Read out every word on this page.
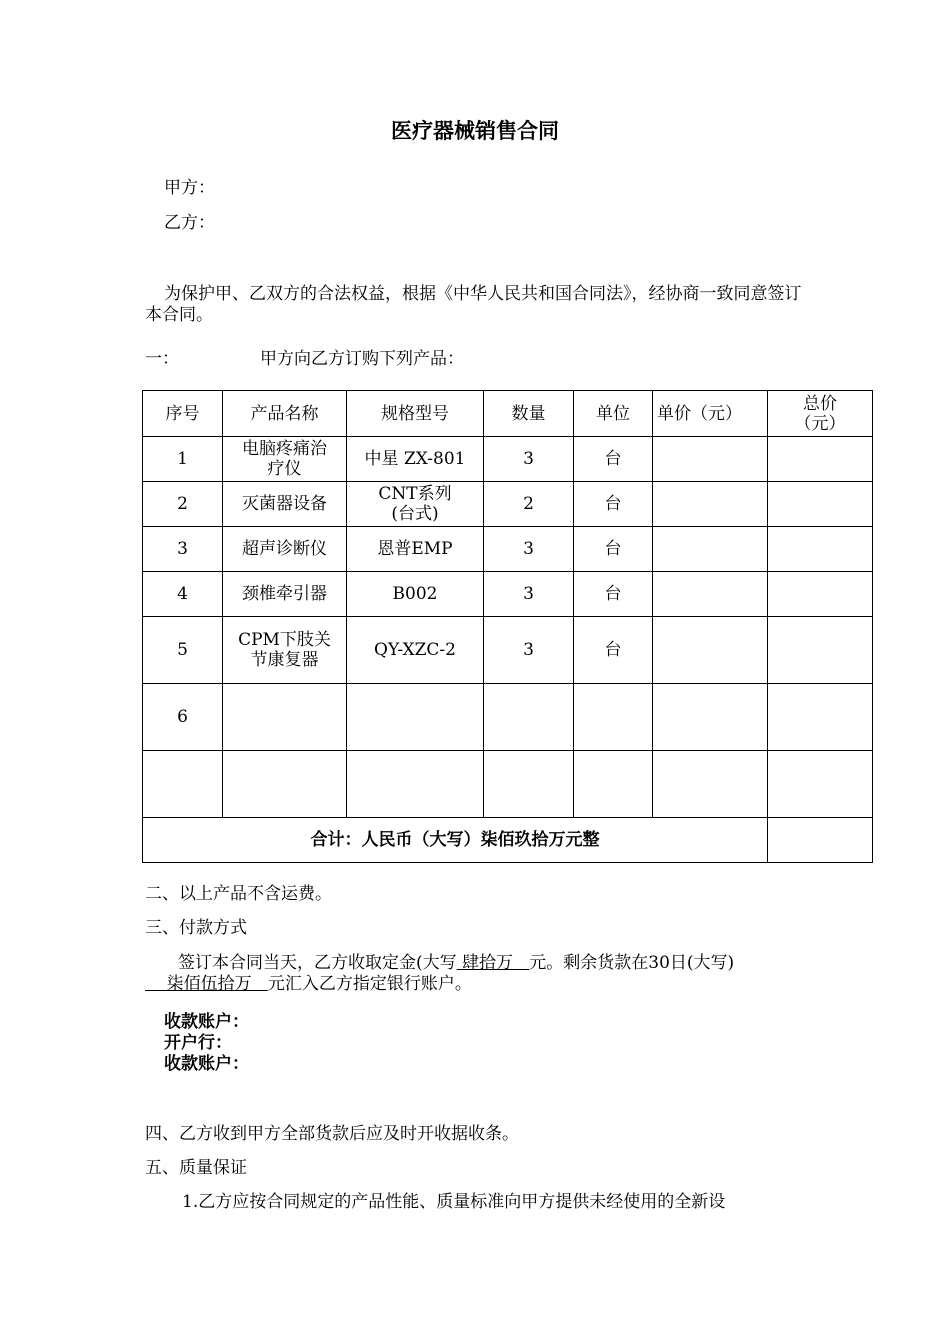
医疗器械销售合同
甲方：
乙方：
为保护甲、乙双方的合法权益，根据《中华人民共和国合同法》，经协商一致同意签订本合同。
一：	甲方向乙方订购下列产品：
序号	产品名称	规格型号	数量	单位	单价（元）	总价（元）
1	电脑疼痛治疗仪	中星 ZX-801	3	台		
2	灭菌器设备	CNT系列(台式)	2	台		
3	超声诊断仪	恩普EMP	3	台		
4	颈椎牵引器	B002	3	台		
5	CPM下肢关节康复器	QY-XZC-2	3	台		
6						

合计：人民币（大写）柒佰玖拾万元整						
二、以上产品不含运费。
三、付款方式
签订本合同当天，乙方收取定金(大写 肆拾万   元。剩余货款在30日(大写)    柒佰伍拾万   元汇入乙方指定银行账户。
收款账户：
开户行：
收款账户：
四、乙方收到甲方全部货款后应及时开收据收条。
五、质量保证
1.乙方应按合同规定的产品性能、质量标准向甲方提供未经使用的全新设
